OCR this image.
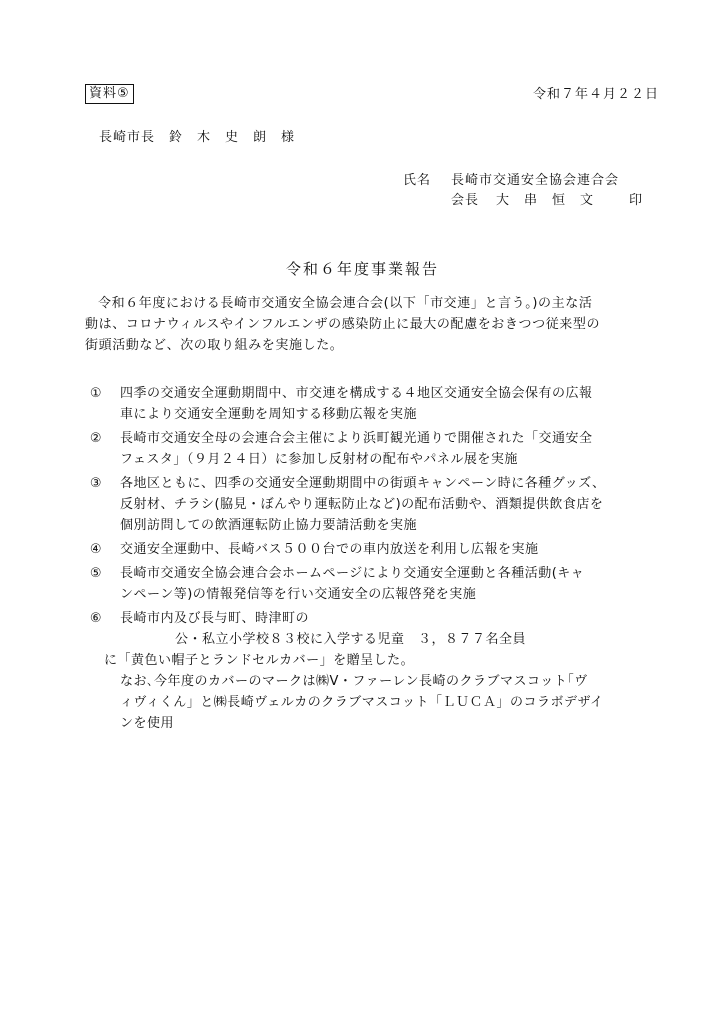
資料⑤	令和７年４月２２日
長崎市長　鈴　木　史　朗　様
氏名 長崎市交通安全協会連合会
会長 大　串　恒　文	印
令和６年度事業報告

令和６年度における長崎市交通安全協会連合会(以下「市交連」と言う。)の主な活

動は、コロナウィルスやインフルエンザの感染防止に最大の配慮をおきつつ従来型の

街頭活動など、次の取り組みを実施した。

①	四季の交通安全運動期間中、市交連を構成する４地区交通安全協会保有の広報
車により交通安全運動を周知する移動広報を実施
②	長崎市交通安全母の会連合会主催により浜町観光通りで開催された「交通安全
フェスタ」（９月２４日）に参加し反射材の配布やパネル展を実施
③	各地区ともに、四季の交通安全運動期間中の街頭キャンペーン時に各種グッズ、
反射材、チラシ(脇見・ぼんやり運転防止など)の配布活動や、酒類提供飲食店を
個別訪問しての飲酒運転防止協力要請活動を実施
④	交通安全運動中、長崎バス５００台での車内放送を利用し広報を実施
⑤	長崎市交通安全協会連合会ホームページにより交通安全運動と各種活動(キャ
ンペーン等)の情報発信等を行い交通安全の広報啓発を実施
⑥	長崎市内及び長与町、時津町の
公・私立小学校８３校に入学する児童　３，８７７名全員
に「黄色い帽子とランドセルカバー」を贈呈した。
なお､今年度のカバーのマークは㈱V・ファーレン長崎のクラブマスコット｢ヴ
ィヴィくん」と㈱長崎ヴェルカのクラブマスコット「ＬＵＣＡ」のコラボデザイ
ンを使用
